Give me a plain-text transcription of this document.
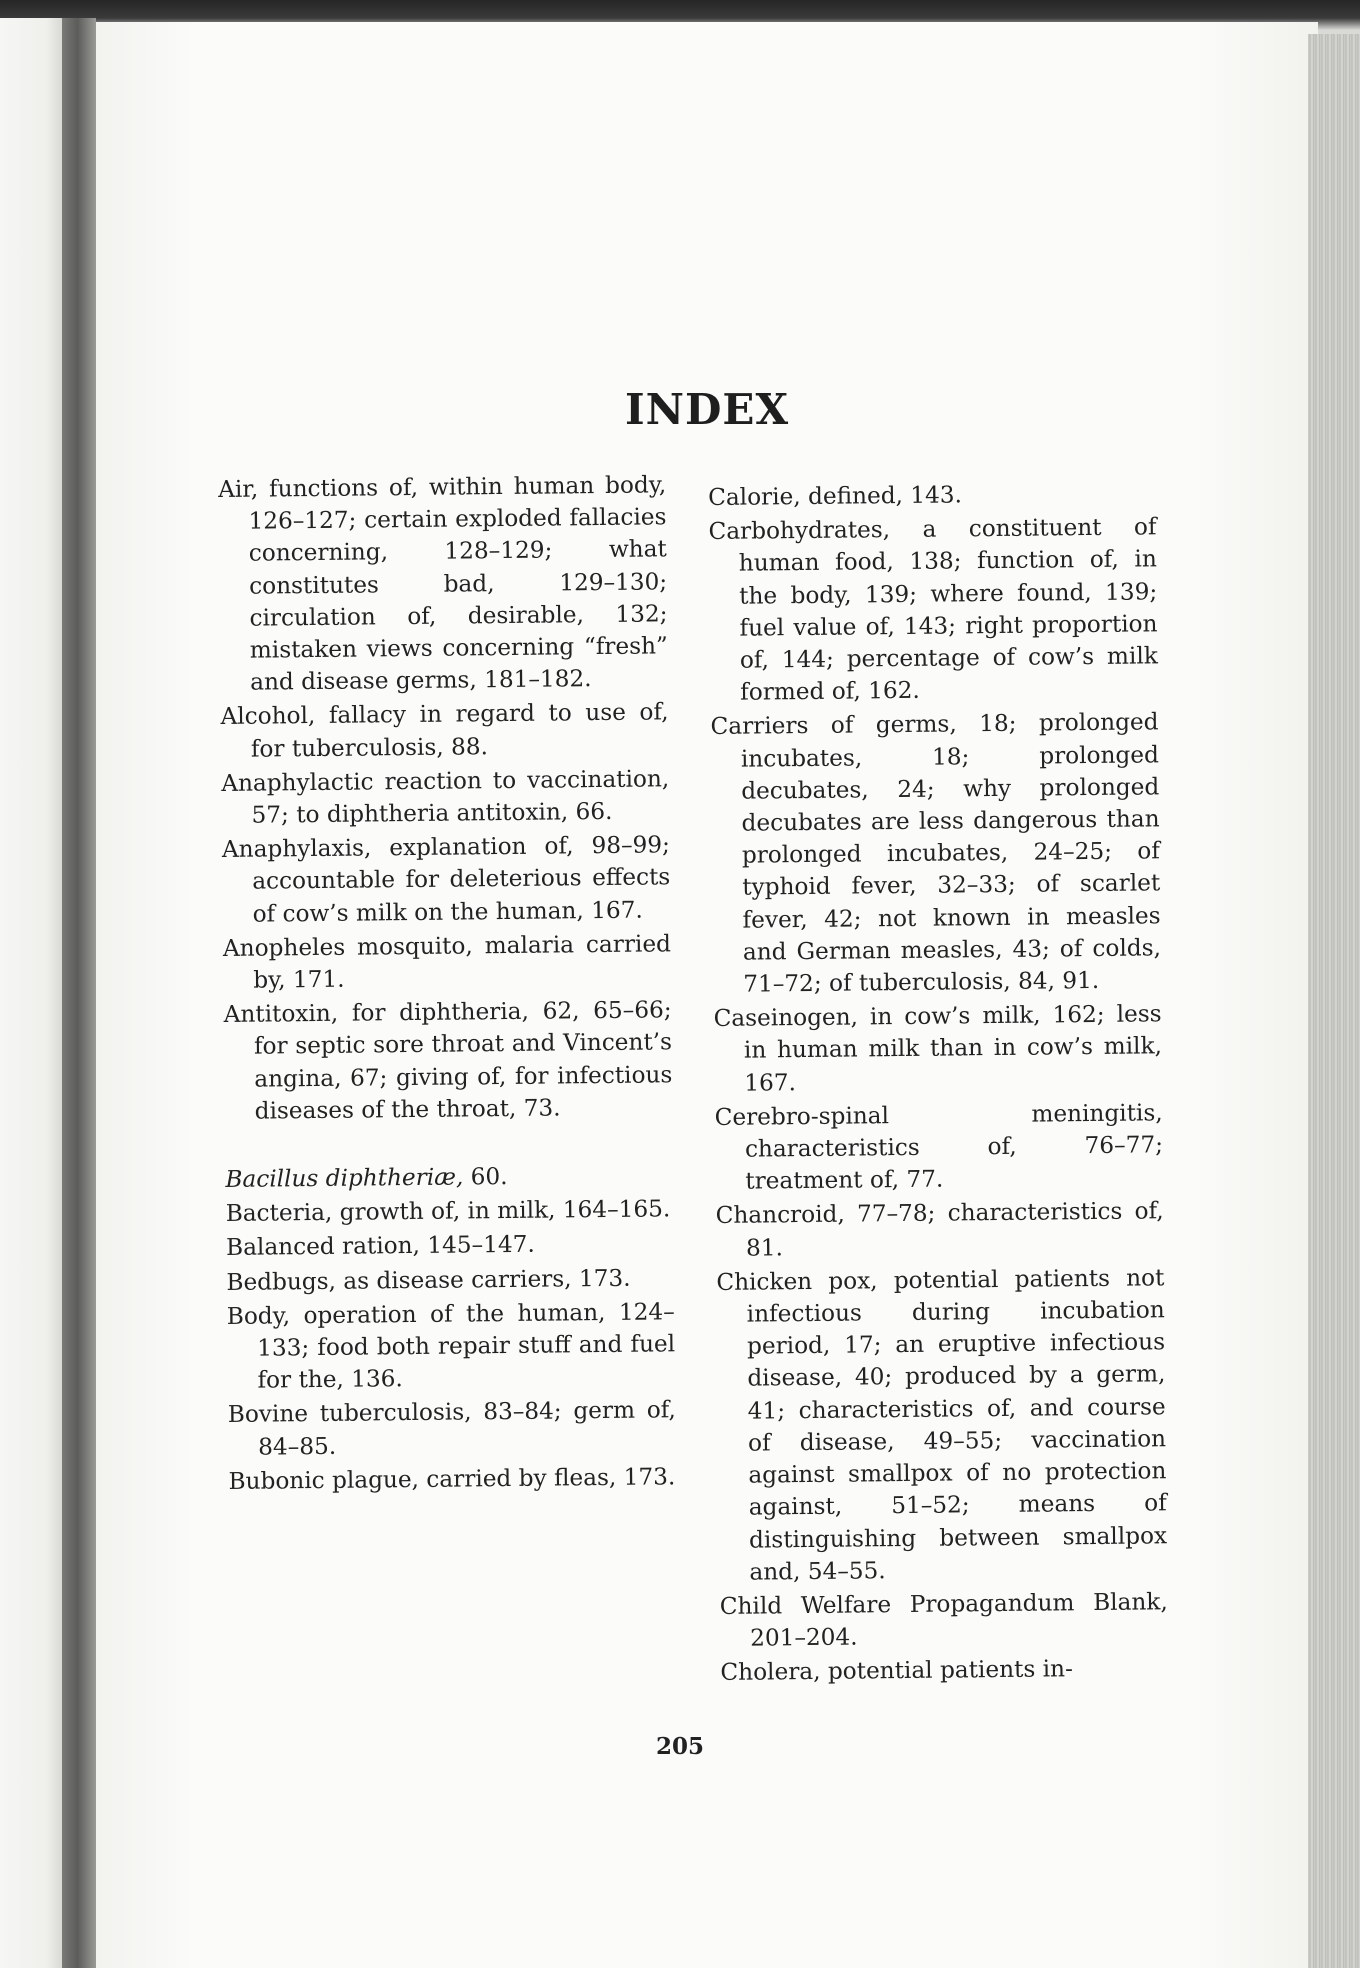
INDEX

Air, functions of, within human body, 126–127; certain exploded fallacies concerning, 128–129; what constitutes bad, 129–130; circulation of, desirable, 132; mistaken views concerning “fresh” and disease germs, 181–182.

Alcohol, fallacy in regard to use of, for tuberculosis, 88.

Anaphylactic reaction to vaccination, 57; to diphtheria antitoxin, 66.

Anaphylaxis, explanation of, 98–99; accountable for deleterious effects of cow’s milk on the human, 167.

Anopheles mosquito, malaria carried by, 171.

Antitoxin, for diphtheria, 62, 65–66; for septic sore throat and Vincent’s angina, 67; giving of, for infectious diseases of the throat, 73.

Bacillus diphtheriæ, 60.

Bacteria, growth of, in milk, 164–165.

Balanced ration, 145–147.

Bedbugs, as disease carriers, 173.

Body, operation of the human, 124–133; food both repair stuff and fuel for the, 136.

Bovine tuberculosis, 83–84; germ of, 84–85.

Bubonic plague, carried by fleas, 173.

Calorie, defined, 143.

Carbohydrates, a constituent of human food, 138; function of, in the body, 139; where found, 139; fuel value of, 143; right proportion of, 144; percentage of cow’s milk formed of, 162.

Carriers of germs, 18; prolonged incubates, 18; prolonged decubates, 24; why prolonged decubates are less dangerous than prolonged incubates, 24–25; of typhoid fever, 32–33; of scarlet fever, 42; not known in measles and German measles, 43; of colds, 71–72; of tuberculosis, 84, 91.

Caseinogen, in cow’s milk, 162; less in human milk than in cow’s milk, 167.

Cerebro-spinal meningitis, characteristics of, 76–77; treatment of, 77.

Chancroid, 77–78; characteristics of, 81.

Chicken pox, potential patients not infectious during incubation period, 17; an eruptive infectious disease, 40; produced by a germ, 41; characteristics of, and course of disease, 49–55; vaccination against smallpox of no protection against, 51–52; means of distinguishing between smallpox and, 54–55.

Child Welfare Propagandum Blank, 201–204.

Cholera, potential patients in-

205
